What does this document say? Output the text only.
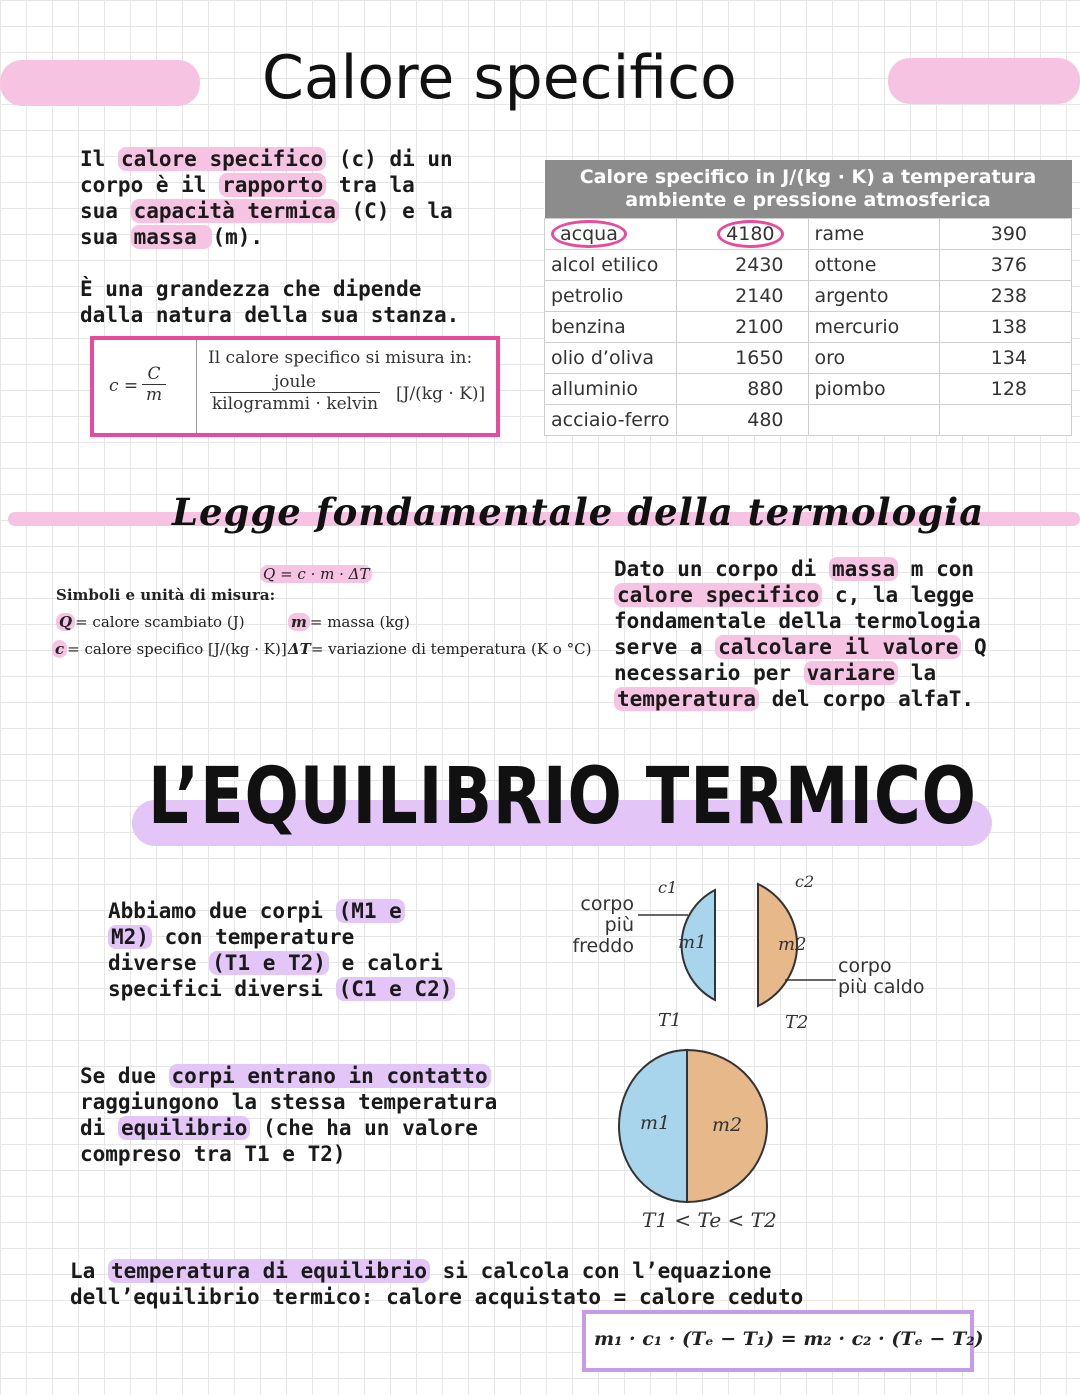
Calore specifico
Il calore specifico (c) di un
corpo è il rapporto tra la
sua capacità termica (C) e la
sua massa (m).
È una grandezza che dipende
dalla natura della sua stanza.
c =
C
m
Il calore specifico si misura in:
joule
kilogrammi · kelvin [J/(kg · K)]
Calore specifico in J/(kg · K) a temperatura
ambiente e pressione atmosferica			

acqua	4180	rame	390
alcol etilico	2430	ottone	376
petrolio	2140	argento	238
benzina	2100	mercurio	138
olio d’oliva	1650	oro	134
alluminio	880	piombo	128
acciaio-ferro	480		
Legge fondamentale della termologia
Q = c · m · ΔT
Simboli e unità di misura:
Q = calore scambiato (J)	m = massa (kg)
c = calore specifico [J/(kg · K)] ΔT= variazione di temperatura (K o °C)
Dato un corpo di massa m con
calore specifico c, la legge
fondamentale della termologia
serve a calcolare il valore Q
necessario per variare la
temperatura del corpo alfaT.
L’EQUILIBRIO TERMICO
Abbiamo due corpi (M1 e
M2) con temperature
diverse (T1 e T2) e calori
specifici diversi (C1 e C2)
Se due corpi entrano in contatto
raggiungono la stessa temperatura
di equilibrio (che ha un valore
compreso tra T1 e T2)
corpo
più freddo
corpo
più caldo
c1	c2
m1	m2
T1	T2
m1 m2
T1 < Te < T2
La temperatura di equilibrio si calcola con l’equazione
dell’equilibrio termico: calore acquistato = calore ceduto
m₁ · c₁ · (Tₑ − T₁) = m₂ · c₂ · (Tₑ − T₂)
